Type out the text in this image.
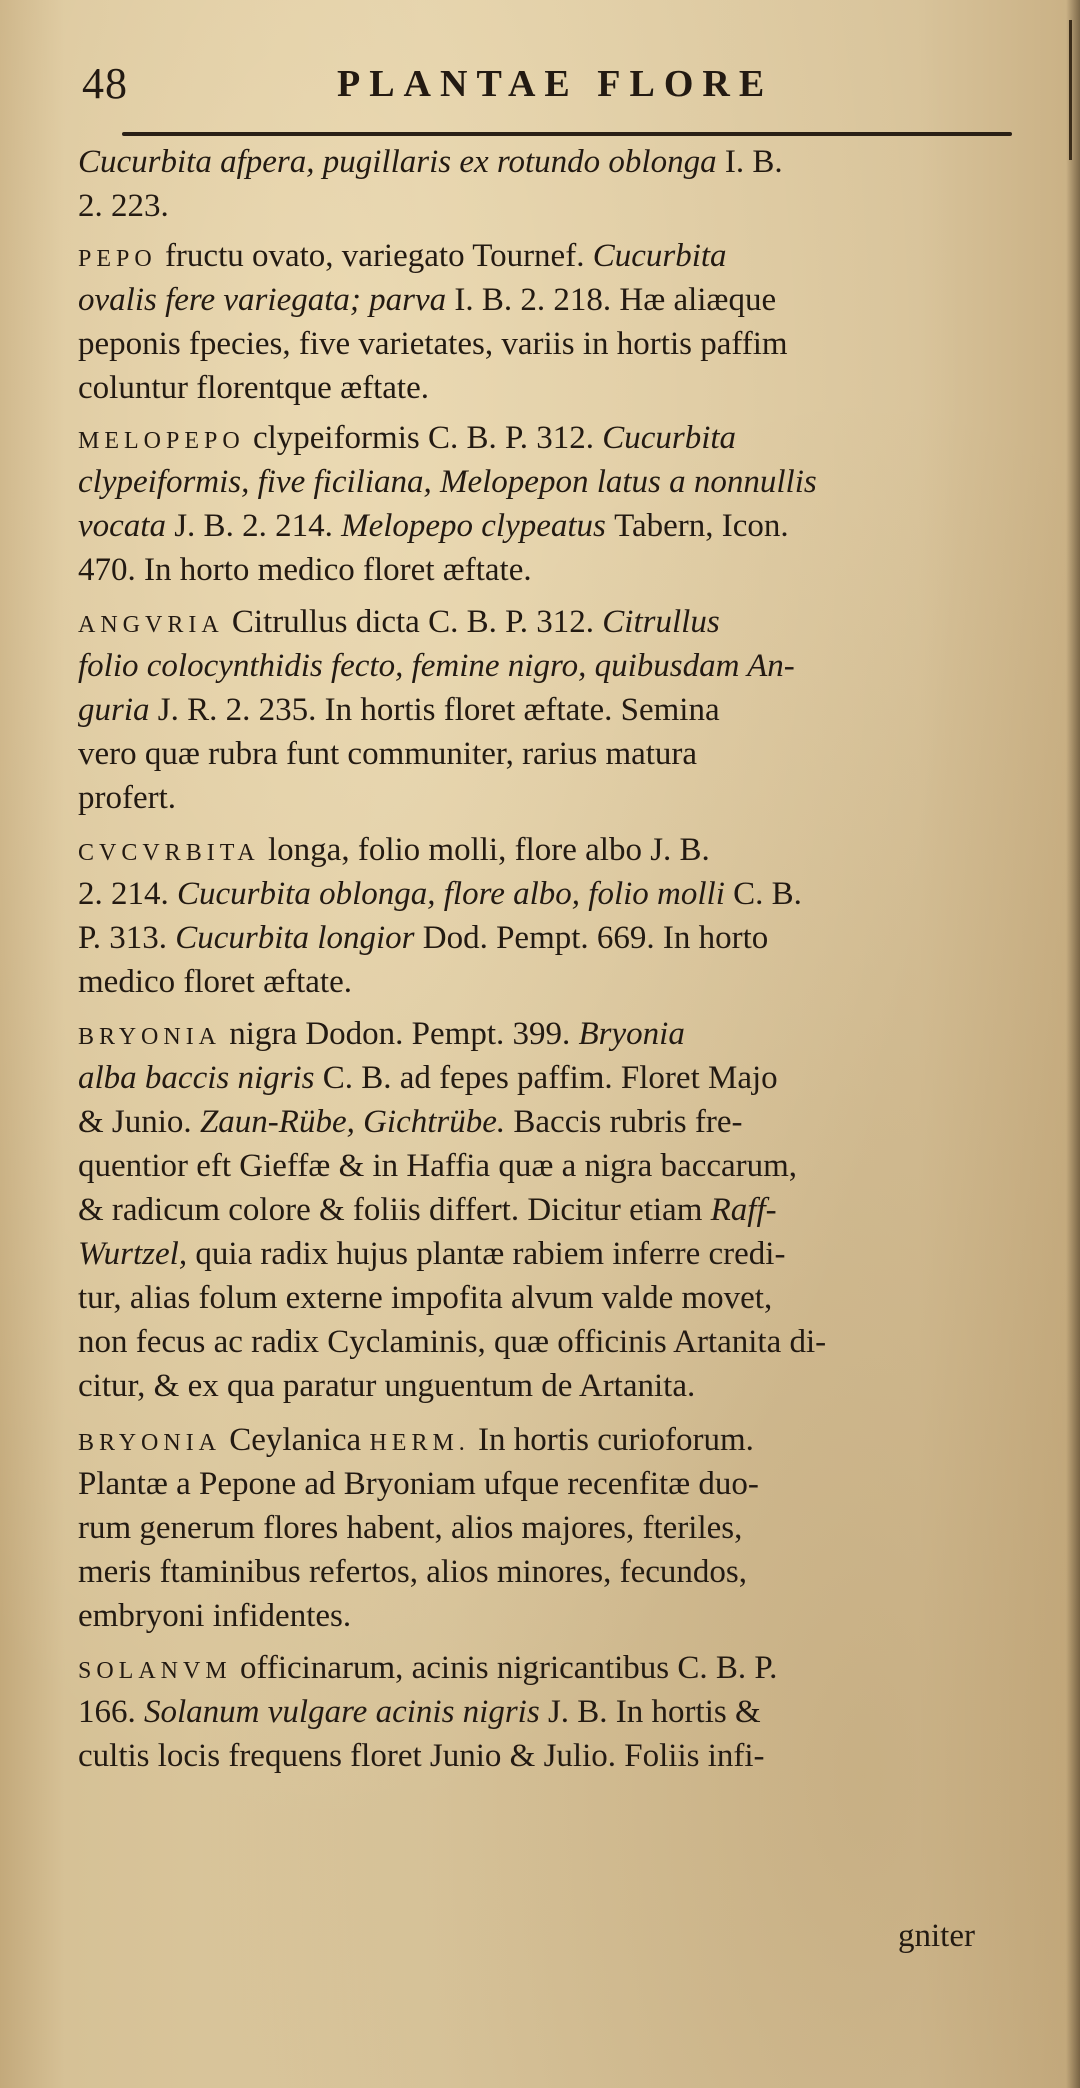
48	PLANTAE FLORE
Cucurbita afpera, pugillaris ex rotundo oblonga I. B.
2. 223.
PEPO fructu ovato, variegato Tournef. Cucurbita
ovalis fere variegata; parva I. B. 2. 218. Hæ aliæque
peponis fpecies, five varietates, variis in hortis paffim
coluntur florentque æftate.
MELOPEPO clypeiformis C. B. P. 312. Cucurbita
clypeiformis, five ficiliana, Melopepon latus a nonnullis
vocata J. B. 2. 214. Melopepo clypeatus Tabern, Icon.
470. In horto medico floret æftate.
ANGVRIA Citrullus dicta C. B. P. 312. Citrullus
folio colocynthidis fecto, femine nigro, quibusdam An-
guria J. R. 2. 235. In hortis floret æftate. Semina
vero quæ rubra funt communiter, rarius matura
profert.
CVCVRBITA longa, folio molli, flore albo J. B.
2. 214. Cucurbita oblonga, flore albo, folio molli C. B.
P. 313. Cucurbita longior Dod. Pempt. 669. In horto
medico floret æftate.
BRYONIA nigra Dodon. Pempt. 399. Bryonia
alba baccis nigris C. B. ad fepes paffim. Floret Majo
& Junio. Zaun-Rübe, Gichtrübe. Baccis rubris fre-
quentior eft Gieffæ & in Haffia quæ a nigra baccarum,
& radicum colore & foliis differt. Dicitur etiam Raff-
Wurtzel, quia radix hujus plantæ rabiem inferre credi-
tur, alias folum externe impofita alvum valde movet,
non fecus ac radix Cyclaminis, quæ officinis Artanita di-
citur, & ex qua paratur unguentum de Artanita.
BRYONIA Ceylanica HERM. In hortis curioforum.
Plantæ a Pepone ad Bryoniam ufque recenfitæ duo-
rum generum flores habent, alios majores, fteriles,
meris ftaminibus refertos, alios minores, fecundos,
embryoni infidentes.
SOLANVM officinarum, acinis nigricantibus C. B. P.
166. Solanum vulgare acinis nigris J. B. In hortis &
cultis locis frequens floret Junio & Julio. Foliis infi-
gniter
